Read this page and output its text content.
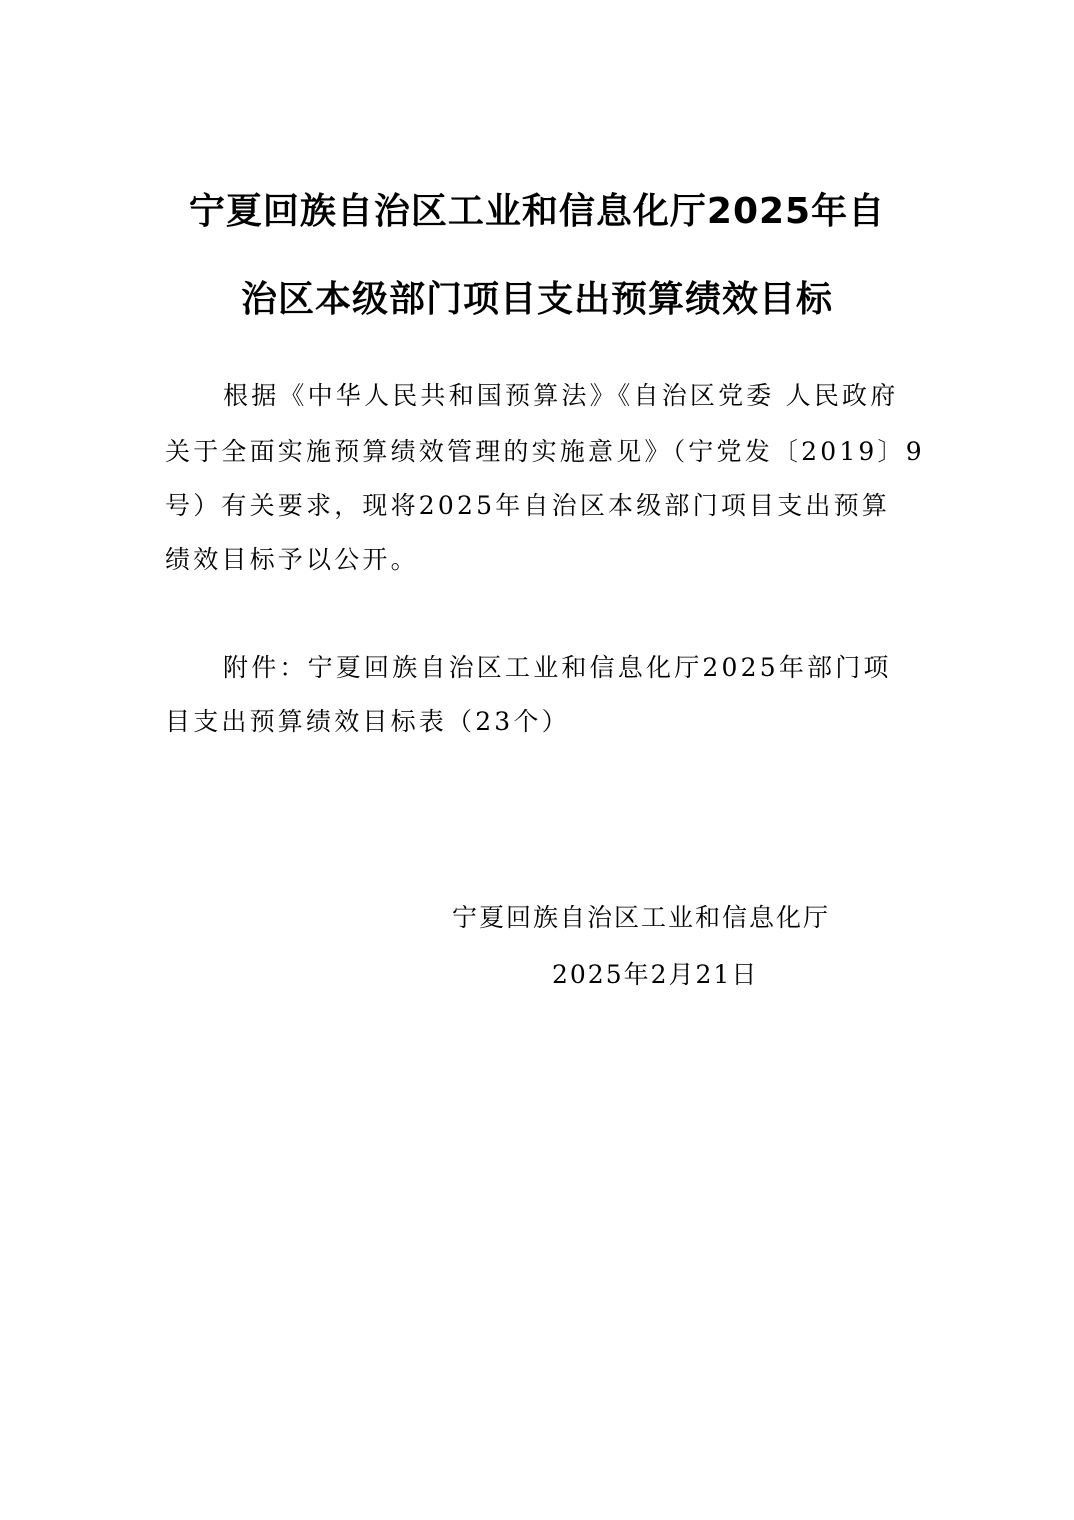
宁夏回族自治区工业和信息化厅2025年自
治区本级部门项目支出预算绩效目标
根据《中华人民共和国预算法》《自治区党委 人民政府
关于全面实施预算绩效管理的实施意见》（宁党发〔2019〕9
号）有关要求，现将2025年自治区本级部门项目支出预算
绩效目标予以公开。
附件：宁夏回族自治区工业和信息化厅2025年部门项
目支出预算绩效目标表（23个）
宁夏回族自治区工业和信息化厅
2025年2月21日
